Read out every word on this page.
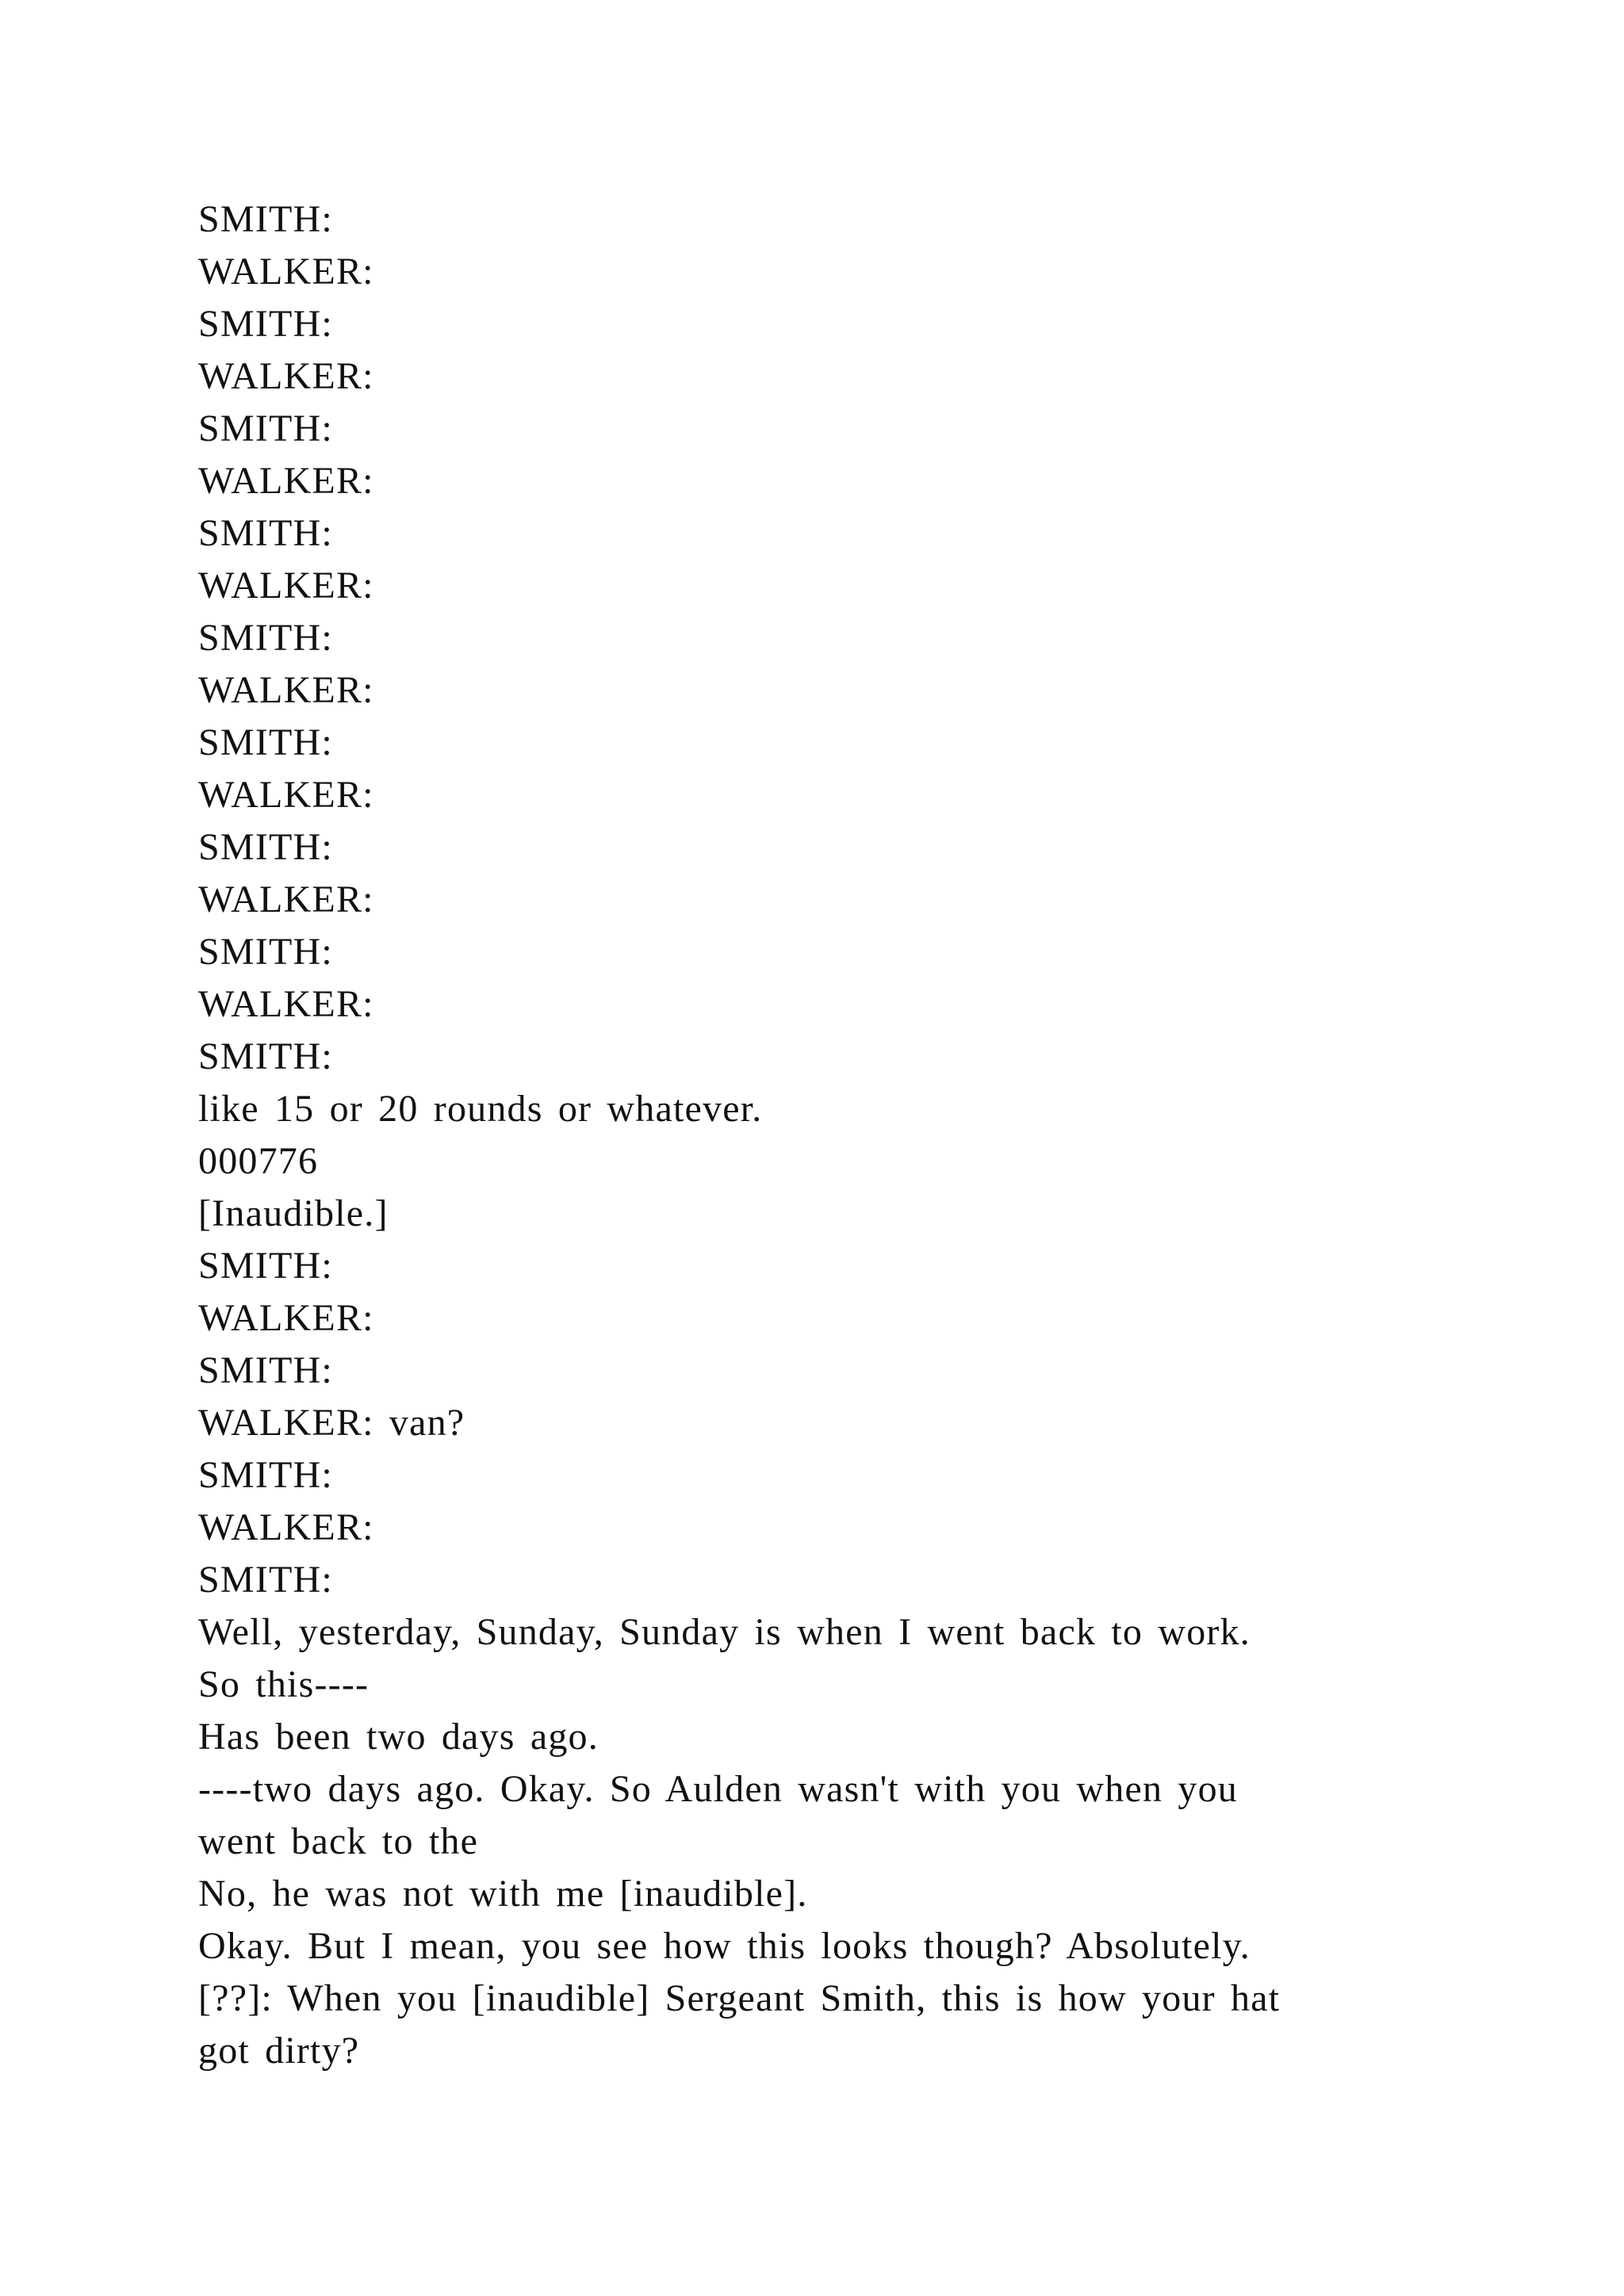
SMITH:
WALKER:
SMITH:
WALKER:
SMITH:
WALKER:
SMITH:
WALKER:
SMITH:
WALKER:
SMITH:
WALKER:
SMITH:
WALKER:
SMITH:
WALKER:
SMITH:
like 15 or 20 rounds or whatever.
000776
[Inaudible.]
SMITH:
WALKER:
SMITH:
WALKER: van?
SMITH:
WALKER:
SMITH:
Well, yesterday, Sunday, Sunday is when I went back to work.
So this----
Has been two days ago.
----two days ago. Okay. So Aulden wasn't with you when you
went back to the
No, he was not with me [inaudible].
Okay. But I mean, you see how this looks though? Absolutely.
[??]: When you [inaudible] Sergeant Smith, this is how your hat
got dirty?
